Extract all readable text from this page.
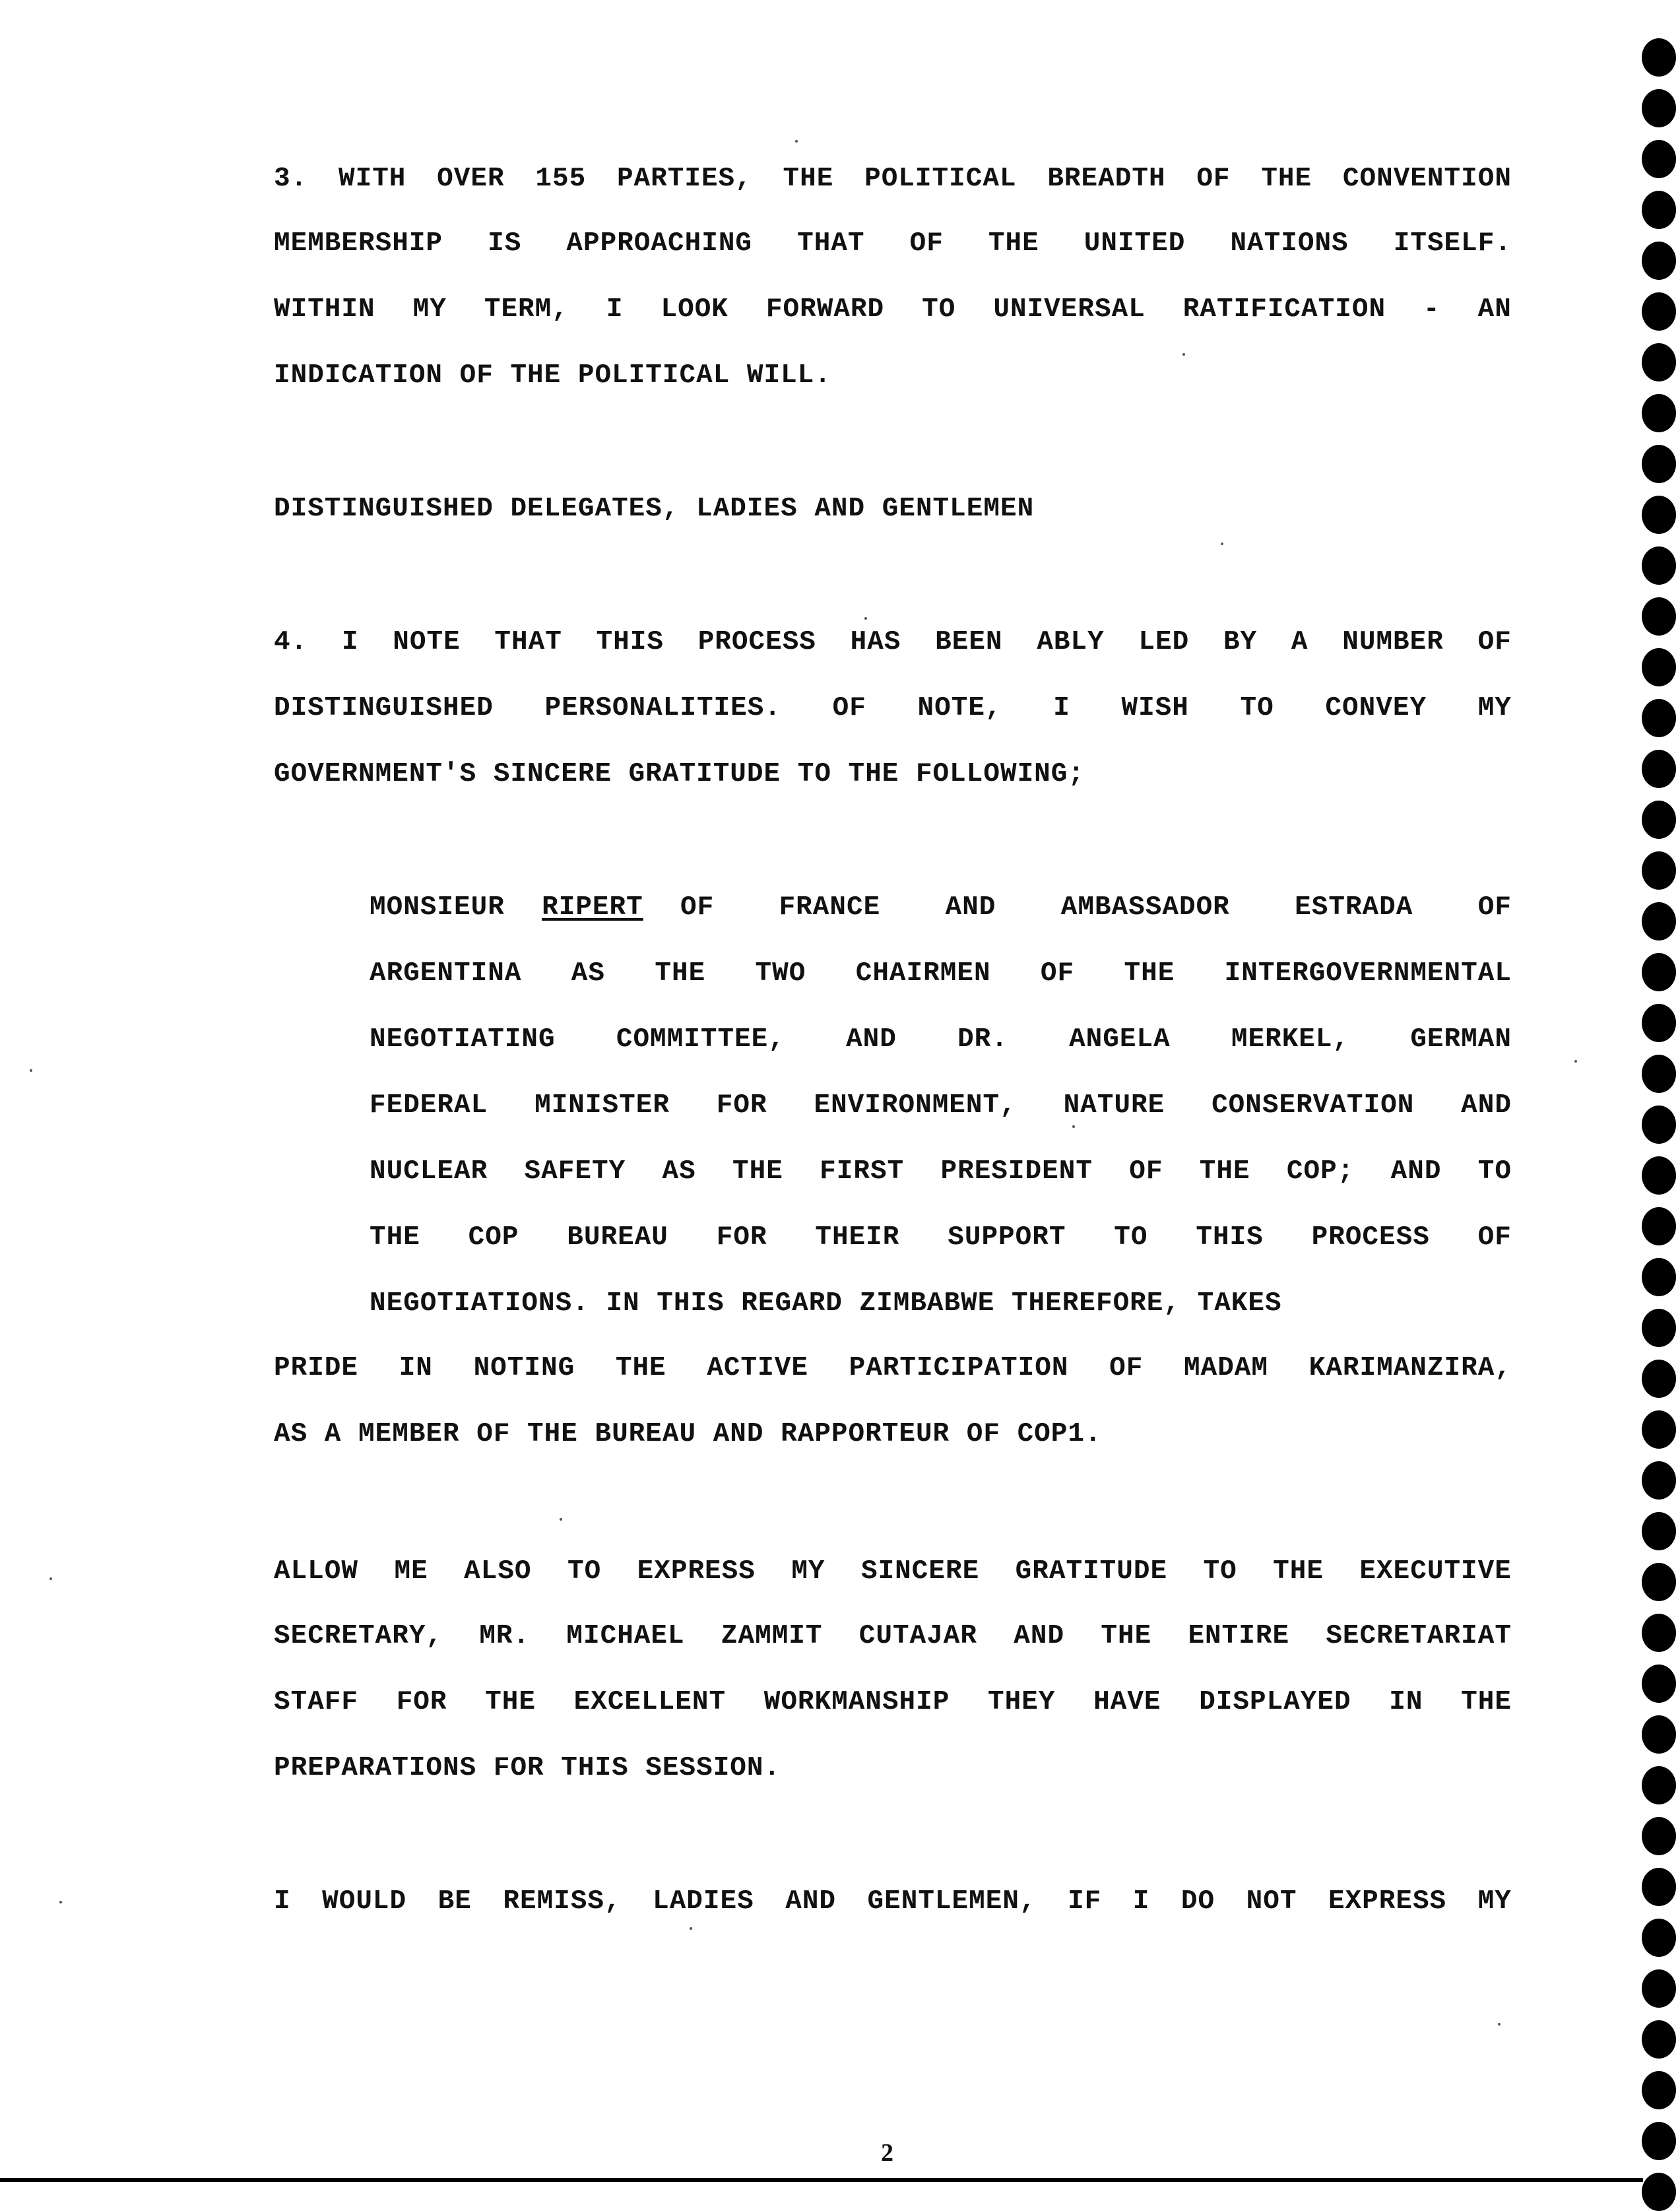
3. WITH OVER 155 PARTIES, THE POLITICAL BREADTH OF THE CONVENTION
MEMBERSHIP IS APPROACHING THAT OF THE UNITED NATIONS ITSELF.
WITHIN MY TERM, I LOOK FORWARD TO UNIVERSAL RATIFICATION - AN
INDICATION OF THE POLITICAL WILL.
DISTINGUISHED DELEGATES, LADIES AND GENTLEMEN
4. I NOTE THAT THIS PROCESS HAS BEEN ABLY LED BY A NUMBER OF
DISTINGUISHED PERSONALITIES. OF NOTE, I WISH TO CONVEY MY
GOVERNMENT'S SINCERE GRATITUDE TO THE FOLLOWING;
MONSIEUR RIPERT OF FRANCE AND AMBASSADOR ESTRADA OF
ARGENTINA AS THE TWO CHAIRMEN OF THE INTERGOVERNMENTAL
NEGOTIATING COMMITTEE, AND DR. ANGELA MERKEL, GERMAN
FEDERAL MINISTER FOR ENVIRONMENT, NATURE CONSERVATION AND
NUCLEAR SAFETY AS THE FIRST PRESIDENT OF THE COP; AND TO
THE COP BUREAU FOR THEIR SUPPORT TO THIS PROCESS OF
NEGOTIATIONS. IN THIS REGARD ZIMBABWE THEREFORE, TAKES
PRIDE IN NOTING THE ACTIVE PARTICIPATION OF MADAM KARIMANZIRA,
AS A MEMBER OF THE BUREAU AND RAPPORTEUR OF COP1.
ALLOW ME ALSO TO EXPRESS MY SINCERE GRATITUDE TO THE EXECUTIVE
SECRETARY, MR. MICHAEL ZAMMIT CUTAJAR AND THE ENTIRE SECRETARIAT
STAFF FOR THE EXCELLENT WORKMANSHIP THEY HAVE DISPLAYED IN THE
PREPARATIONS FOR THIS SESSION.
I WOULD BE REMISS, LADIES AND GENTLEMEN, IF I DO NOT EXPRESS MY
2
